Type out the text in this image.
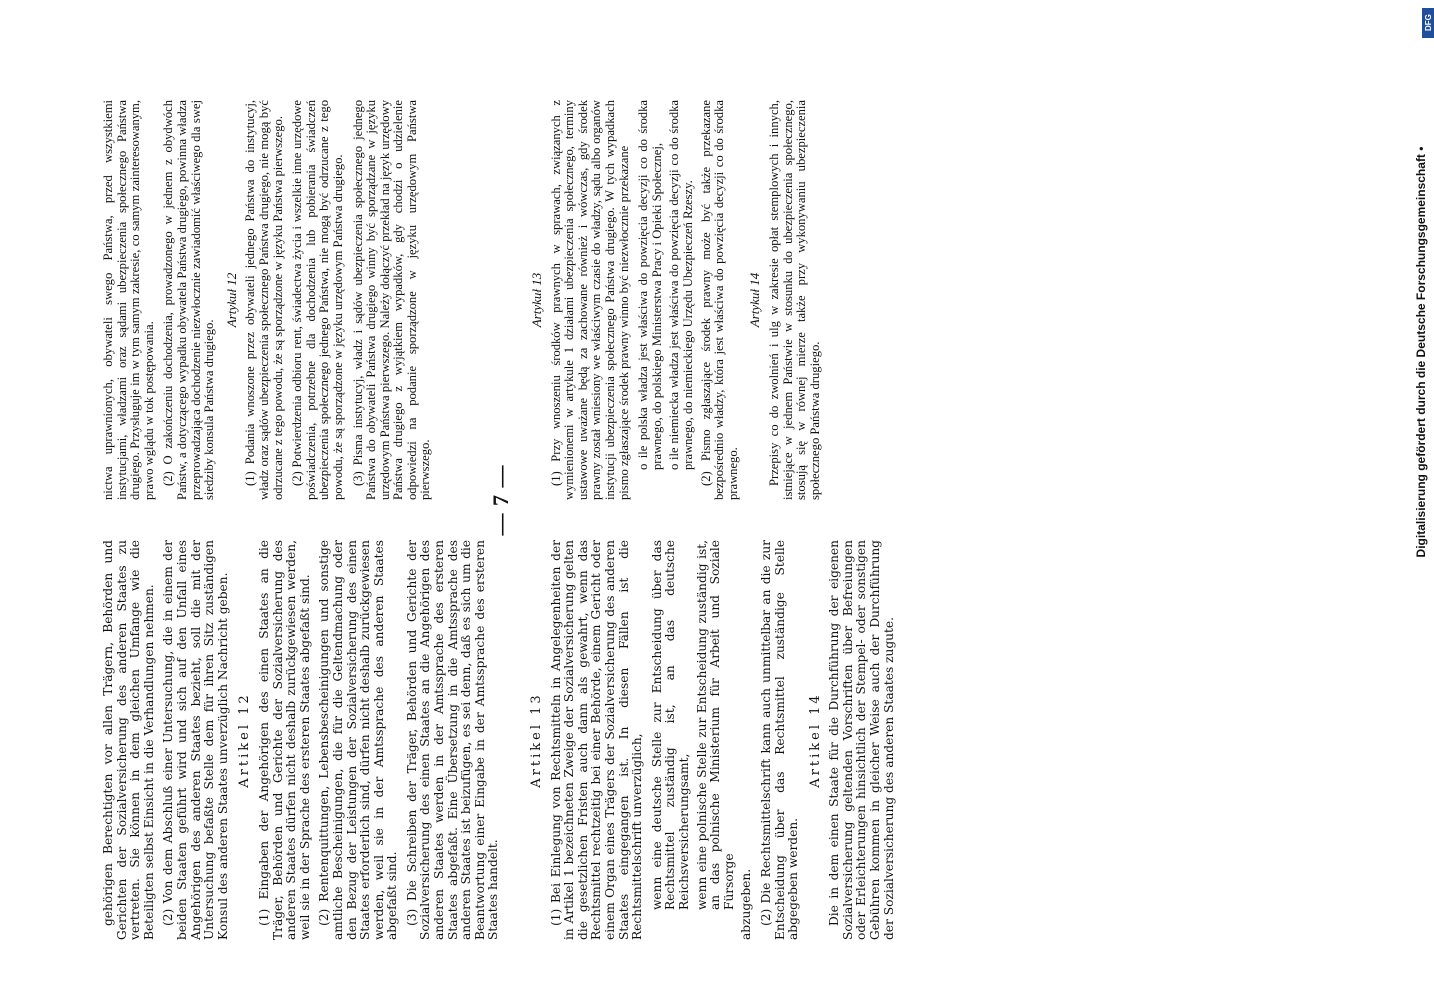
— 7 —

gehörigen Berechtigten vor allen Trägern, Behörden und Gerichten der Sozialversicherung des anderen Staates zu vertreten. Sie können in dem gleichen Umfange wie die Beteiligten selbst Einsicht in die Verhandlungen nehmen. (2) Von dem Abschluß einer Untersuchung, die in einem der beiden Staaten geführt wird und sich auf den Unfall eines Angehörigen des anderen Staates bezieht, soll die mit der Untersuchung befaßte Stelle dem für ihren Sitz zuständigen Konsul des anderen Staates unverzüglich Nachricht geben. Artikel 12 (1) Eingaben der Angehörigen des einen Staates an die Träger, Behörden und Gerichte der Sozialversicherung des anderen Staates dürfen nicht deshalb zurückgewiesen werden, weil sie in der Sprache des ersteren Staates abgefaßt sind. (2) Rentenquittungen, Lebensbescheinigungen und sonstige amtliche Bescheinigungen, die für die Geltendmachung oder den Bezug der Leistungen der Sozialversicherung des einen Staates erforderlich sind, dürfen nicht deshalb zurückgewiesen werden, weil sie in der Amtssprache des anderen Staates abgefaßt sind. (3) Die Schreiben der Träger, Behörden und Gerichte der Sozialversicherung des einen Staates an die Angehörigen des anderen Staates werden in der Amtssprache des ersteren Staates abgefaßt. Eine Übersetzung in die Amtssprache des anderen Staates ist beizufügen, es sei denn, daß es sich um die Beantwortung einer Eingabe in der Amtssprache des ersteren Staates handelt.

Artikel 13 (1) Bei Einlegung von Rechtsmitteln in Angelegenheiten der in Artikel 1 bezeichneten Zweige der Sozialversicherung gelten die gesetzlichen Fristen auch dann als gewahrt, wenn das Rechtsmittel rechtzeitig bei einer Behörde, einem Gericht oder einem Organ eines Trägers der Sozialversicherung des anderen Staates eingegangen ist. In diesen Fällen ist die Rechtsmittelschrift unverzüglich, wenn eine deutsche Stelle zur Entscheidung über das Rechtsmittel zuständig ist, an das deutsche Reichsversicherungsamt, wenn eine polnische Stelle zur Entscheidung zuständig ist, an das polnische Ministerium für Arbeit und Soziale Fürsorge abzugeben. (2) Die Rechtsmittelschrift kann auch unmittelbar an die zur Entscheidung über das Rechtsmittel zuständige Stelle abgegeben werden.

Artikel 14 Die in dem einen Staate für die Durchführung der eigenen Sozialversicherung geltenden Vorschriften über Befreiungen oder Erleichterungen hinsichtlich der Stempel- oder sonstigen Gebühren kommen in gleicher Weise auch der Durchführung der Sozialversicherung des anderen Staates zugute.

nictwa uprawnionych, obywateli swego Państwa, przed wszystkiemi instytucjami, władzami oraz sądami ubezpieczenia społecznego Państwa drugiego. Przysługuje im w tym samym zakresie, co samym zainteresowanym, prawo wglądu w tok postępowania. (2) O zakończeniu dochodzenia, prowadzonego w jednem z obydwóch Państw, a dotyczącego wypadku obywatela Państwa drugiego, powinna władza przeprowadzająca dochodzenie niezwłocznie zawiadomić właściwego dla swej siedziby konsula Państwa drugiego.

Artykuł 12 (1) Podania wnoszone przez obywateli jednego Państwa do instytucyj, władz oraz sądów ubezpieczenia społecznego Państwa drugiego, nie mogą być odrzucane z tego powodu, że są sporządzone w języku Państwa pierwszego. (2) Potwierdzenia odbioru rent, świadectwa życia i wszelkie inne urzędowe poświadczenia, potrzebne dla dochodzenia lub pobierania świadczeń ubezpieczenia społecznego jednego Państwa, nie mogą być odrzucane z tego powodu, że są sporządzone w języku urzędowym Państwa drugiego. (3) Pisma instytucyj, władz i sądów ubezpieczenia społecznego jednego Państwa do obywateli Państwa drugiego winny być sporządzane w języku urzędowym Państwa pierwszego. Należy dołączyć przekład na język urzędowy Państwa drugiego z wyjątkiem wypadków, gdy chodzi o udzielenie odpowiedzi na podanie sporządzone w języku urzędowym Państwa pierwszego.

Artykuł 13 (1) Przy wnoszeniu środków prawnych w sprawach, związanych z wymienionemi w artykule 1 działami ubezpieczenia społecznego, terminy ustawowe uważane będą za zachowane również i wówczas, gdy środek prawny został wniesiony we właściwym czasie do władzy, sądu albo organów instytucji ubezpieczenia społecznego Państwa drugiego. W tych wypadkach pismo zgłaszające środek prawny winno być niezwłocznie przekazane o ile polska władza jest właściwa do powzięcia decyzji co do środka prawnego, do polskiego Ministerstwa Pracy i Opieki Społecznej, o ile niemiecka władza jest właściwa do powzięcia decyzji co do środka prawnego, do niemieckiego Urzędu Ubezpieczeń Rzeszy. (2) Pismo zgłaszające środek prawny może być także przekazane bezpośrednio władzy, która jest właściwa do powzięcia decyzji co do środka prawnego.

Artykuł 14 Przepisy co do zwolnień i ulg w zakresie opłat stemplowych i innych, istniejące w jednem Państwie w stosunku do ubezpieczenia społecznego, stosują się w równej mierze także przy wykonywaniu ubezpieczenia społecznego Państwa drugiego.	Digitalisierung gefördert durch die Deutsche Forschungsgemeinschaft •
DFG
